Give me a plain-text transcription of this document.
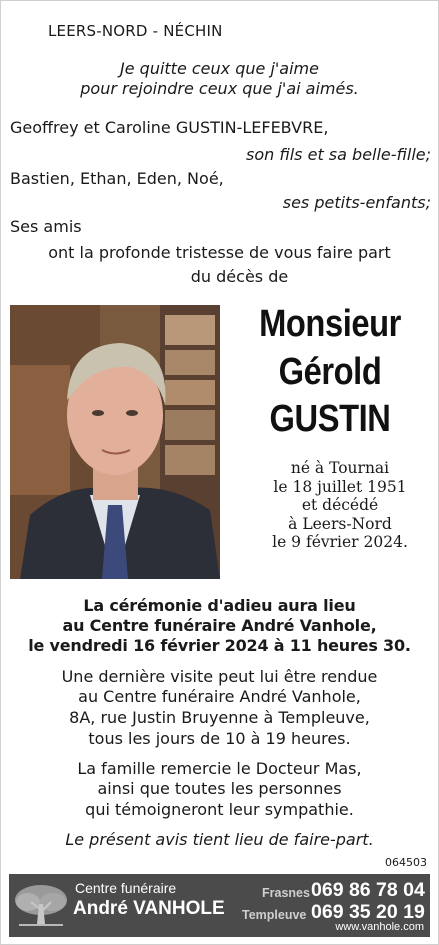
LEERS-NORD - NÉCHIN
Je quitte ceux que j'aime
pour rejoindre ceux que j'ai aimés.
Geoffrey et Caroline GUSTIN-LEFEBVRE,
son fils et sa belle-fille;
Bastien, Ethan, Eden, Noé,
ses petits-enfants;
Ses amis
ont la profonde tristesse de vous faire part
du décès de
Monsieur
Gérold
GUSTIN
né à Tournai
le 18 juillet 1951
et décédé
à Leers-Nord
le 9 février 2024.
La cérémonie d'adieu aura lieu
au Centre funéraire André Vanhole,
le vendredi 16 février 2024 à 11 heures 30.
Une dernière visite peut lui être rendue
au Centre funéraire André Vanhole,
8A, rue Justin Bruyenne à Templeuve,
tous les jours de 10 à 19 heures.
La famille remercie le Docteur Mas,
ainsi que toutes les personnes
qui témoigneront leur sympathie.
Le présent avis tient lieu de faire-part.
064503
Centre funéraire
André VANHOLE
Frasnes 069 86 78 04
Templeuve 069 35 20 19
www.vanhole.com
